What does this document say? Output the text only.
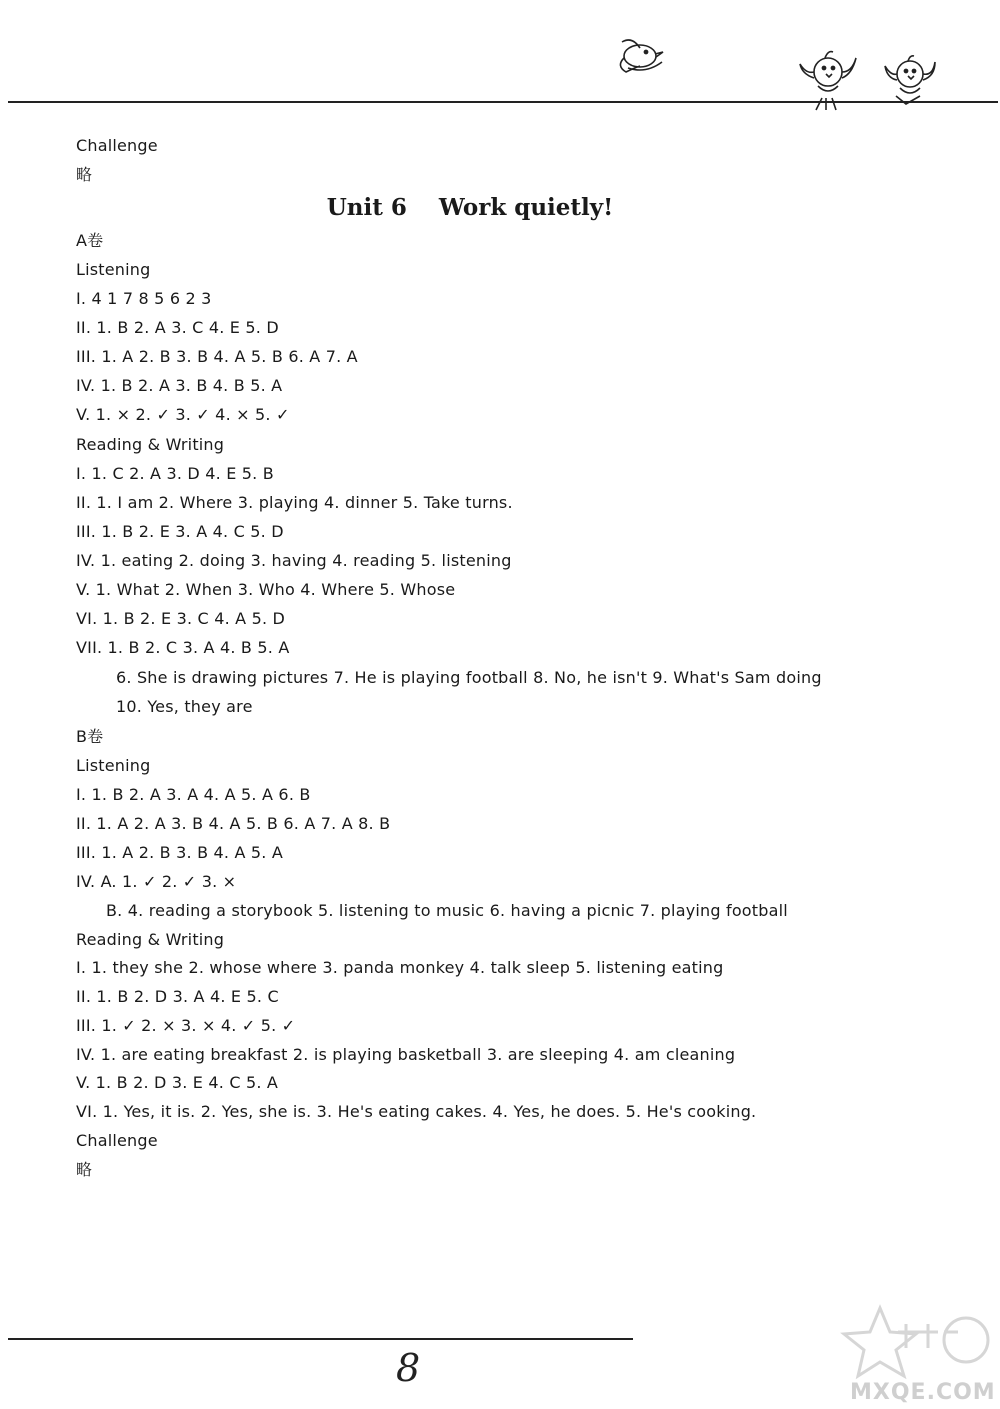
Unit 6    Work quietly!

Challenge

略

A卷

Listening

I. 4 1 7 8 5 6 2 3

II. 1. B 2. A 3. C 4. E 5. D

III. 1. A 2. B 3. B 4. A 5. B 6. A 7. A

IV. 1. B 2. A 3. B 4. B 5. A

V. 1. × 2. ✓ 3. ✓ 4. × 5. ✓

Reading & Writing

I. 1. C 2. A 3. D 4. E 5. B

II. 1. I am 2. Where 3. playing 4. dinner 5. Take turns.

III. 1. B 2. E 3. A 4. C 5. D

IV. 1. eating 2. doing 3. having 4. reading 5. listening

V. 1. What 2. When 3. Who 4. Where 5. Whose

VI. 1. B 2. E 3. C 4. A 5. D

VII. 1. B 2. C 3. A 4. B 5. A

6. She is drawing pictures 7. He is playing football 8. No, he isn't 9. What's Sam doing

10. Yes, they are

B卷

Listening

I. 1. B 2. A 3. A 4. A 5. A 6. B

II. 1. A 2. A 3. B 4. A 5. B 6. A 7. A 8. B

III. 1. A 2. B 3. B 4. A 5. A

IV. A. 1. ✓ 2. ✓ 3. ×

B. 4. reading a storybook 5. listening to music 6. having a picnic 7. playing football

Reading & Writing

I. 1. they she 2. whose where 3. panda monkey 4. talk sleep 5. listening eating

II. 1. B 2. D 3. A 4. E 5. C

III. 1. ✓ 2. × 3. × 4. ✓ 5. ✓

IV. 1. are eating breakfast 2. is playing basketball 3. are sleeping 4. am cleaning

V. 1. B 2. D 3. E 4. C 5. A

VI. 1. Yes, it is. 2. Yes, she is. 3. He's eating cakes. 4. Yes, he does. 5. He's cooking.

Challenge

略

8
MXQE.COM
